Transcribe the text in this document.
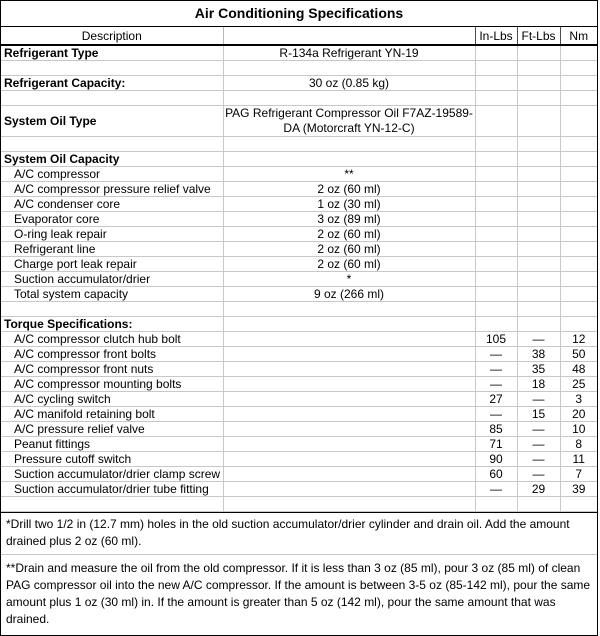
Air Conditioning Specifications
Description		In-Lbs	Ft-Lbs	Nm
Refrigerant Type	R-134a Refrigerant YN-19			

Refrigerant Capacity:	30 oz (0.85 kg)			

System Oil Type	PAG Refrigerant Compressor Oil F7AZ-19589-DA (Motorcraft YN-12-C)			

System Oil Capacity				
A/C compressor	**			
A/C compressor pressure relief valve	2 oz (60 ml)			
A/C condenser core	1 oz (30 ml)			
Evaporator core	3 oz (89 ml)			
O-ring leak repair	2 oz (60 ml)			
Refrigerant line	2 oz (60 ml)			
Charge port leak repair	2 oz (60 ml)			
Suction accumulator/drier	*			
Total system capacity	9 oz (266 ml)			

Torque Specifications:				
A/C compressor clutch hub bolt		105	—	12
A/C compressor front bolts		—	38	50
A/C compressor front nuts		—	35	48
A/C compressor mounting bolts		—	18	25
A/C cycling switch		27	—	3
A/C manifold retaining bolt		—	15	20
A/C pressure relief valve		85	—	10
Peanut fittings		71	—	8
Pressure cutoff switch		90	—	11
Suction accumulator/drier clamp screw		60	—	7
Suction accumulator/drier tube fitting		—	29	39

*Drill two 1/2 in (12.7 mm) holes in the old suction accumulator/drier cylinder and drain oil. Add the amount drained plus 2 oz (60 ml).
**Drain and measure the oil from the old compressor. If it is less than 3 oz (85 ml), pour 3 oz (85 ml) of clean PAG compressor oil into the new A/C compressor. If the amount is between 3-5 oz (85-142 ml), pour the same amount plus 1 oz (30 ml) in. If the amount is greater than 5 oz (142 ml), pour the same amount that was drained.
